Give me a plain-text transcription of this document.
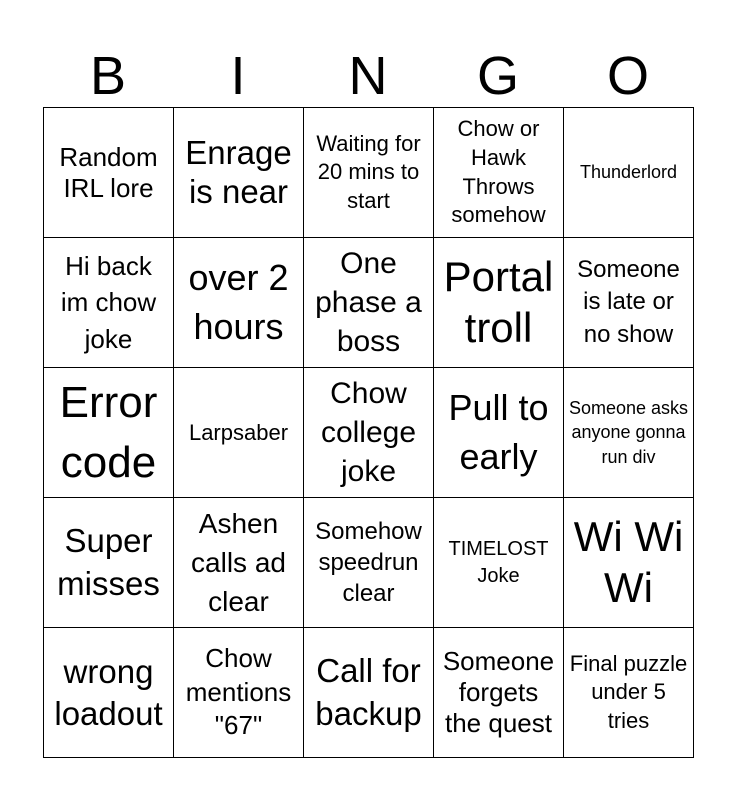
B	I	N	G	O
Random IRL lore
Enrage is near
Waiting for 20 mins to start
Chow or Hawk Throws somehow
Thunderlord
Hi back im chow joke
over 2 hours
One phase a boss
Portal troll
Someone is late or no show
Error code
Larpsaber
Chow college joke
Pull to early
Someone asks anyone gonna run div
Super misses
Ashen calls ad clear
Somehow speedrun clear
TIMELOST Joke
Wi Wi Wi
wrong loadout
Chow mentions "67"
Call for backup
Someone forgets the quest
Final puzzle under 5 tries
